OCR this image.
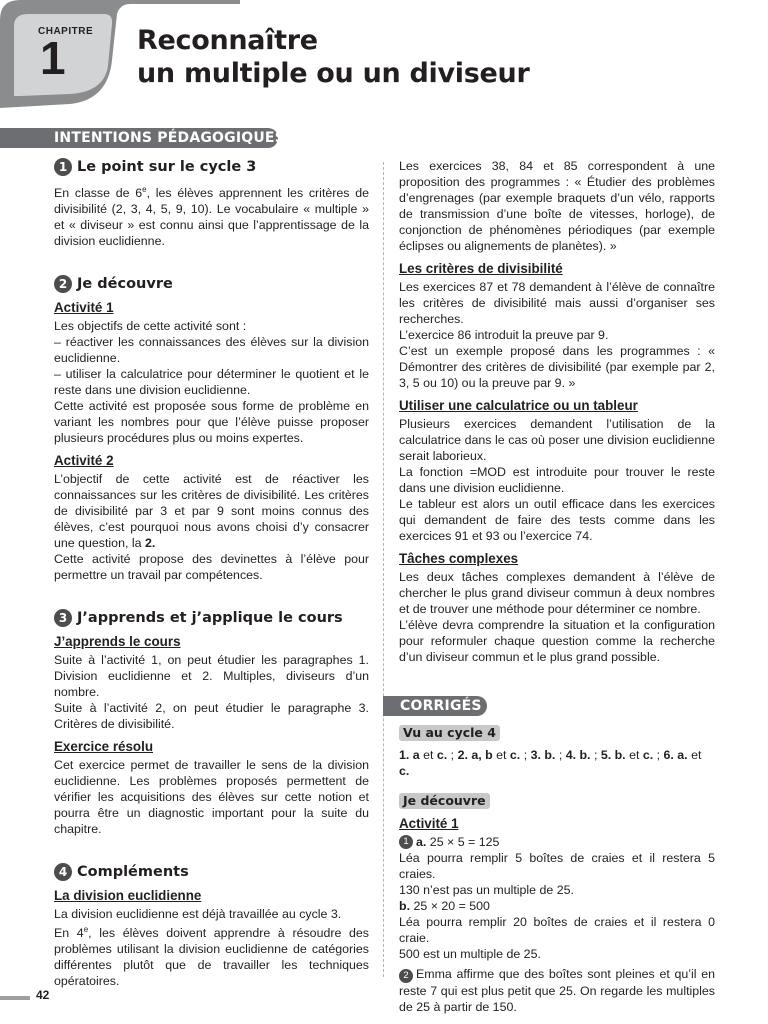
CHAPITRE
1	Reconnaître
un multiple ou un diviseur
INTENTIONS PÉDAGOGIQUES
1 Le point sur le cycle 3

En classe de 6e, les élèves apprennent les critères de divisibilité (2, 3, 4, 5, 9, 10). Le vocabulaire « multiple » et « diviseur » est connu ainsi que l’apprentissage de la division euclidienne.

2 Je découvre
Activité 1

Les objectifs de cette activité sont :

– réactiver les connaissances des élèves sur la division euclidienne.

– utiliser la calculatrice pour déterminer le quotient et le reste dans une division euclidienne.

Cette activité est proposée sous forme de problème en variant les nombres pour que l’élève puisse proposer plusieurs procédures plus ou moins expertes.

Activité 2

L’objectif de cette activité est de réactiver les connaissances sur les critères de divisibilité. Les critères de divisibilité par 3 et par 9 sont moins connus des élèves, c’est pourquoi nous avons choisi d’y consacrer une question, la 2.

Cette activité propose des devinettes à l’élève pour permettre un travail par compétences.

3 J’apprends et j’applique le cours
J’apprends le cours

Suite à l’activité 1, on peut étudier les paragraphes 1. Division euclidienne et 2. Multiples, diviseurs d’un nombre.

Suite à l’activité 2, on peut étudier le paragraphe 3. Critères de divisibilité.

Exercice résolu

Cet exercice permet de travailler le sens de la division euclidienne. Les problèmes proposés permettent de vérifier les acquisitions des élèves sur cette notion et pourra être un diagnostic important pour la suite du chapitre.

4 Compléments
La division euclidienne

La division euclidienne est déjà travaillée au cycle 3.

En 4e, les élèves doivent apprendre à résoudre des problèmes utilisant la division euclidienne de catégories différentes plutôt que de travailler les techniques opératoires.

Les exercices 38, 84 et 85 correspondent à une proposition des programmes : « Étudier des problèmes d’engrenages (par exemple braquets d’un vélo, rapports de transmission d’une boîte de vitesses, horloge), de conjonction de phénomènes périodiques (par exemple éclipses ou alignements de planètes). »

Les critères de divisibilité

Les exercices 87 et 78 demandent à l’élève de connaître les critères de divisibilité mais aussi d’organiser ses recherches.

L’exercice 86 introduit la preuve par 9.

C’est un exemple proposé dans les programmes : « Démontrer des critères de divisibilité (par exemple par 2, 3, 5 ou 10) ou la preuve par 9. »

Utiliser une calculatrice ou un tableur

Plusieurs exercices demandent l’utilisation de la calculatrice dans le cas où poser une division euclidienne serait laborieux.

La fonction =MOD est introduite pour trouver le reste dans une division euclidienne.

Le tableur est alors un outil efficace dans les exercices qui demandent de faire des tests comme dans les exercices 91 et 93 ou l’exercice 74.

Tâches complexes

Les deux tâches complexes demandent à l’élève de chercher le plus grand diviseur commun à deux nombres et de trouver une méthode pour déterminer ce nombre.

L’élève devra comprendre la situation et la configuration pour reformuler chaque question comme la recherche d’un diviseur commun et le plus grand possible.

Vu au cycle 4
1. a et c. ; 2. a, b et c. ; 3. b. ; 4. b. ; 5. b. et c. ; 6. a. et c.
Je découvre
Activité 1

1 a.
25 × 5 = 125

Léa pourra remplir 5 boîtes de craies et il restera 5 craies.

130 n’est pas un multiple de 25.

b. 25 × 20 = 500

Léa pourra remplir 20 boîtes de craies et il restera 0 craie.

500 est un multiple de 25.

2 Emma affirme que des boîtes sont pleines et qu’il en reste 7 qui est plus petit que 25. On regarde les multiples de 25 à partir de 150.

CORRIGÉS
42
